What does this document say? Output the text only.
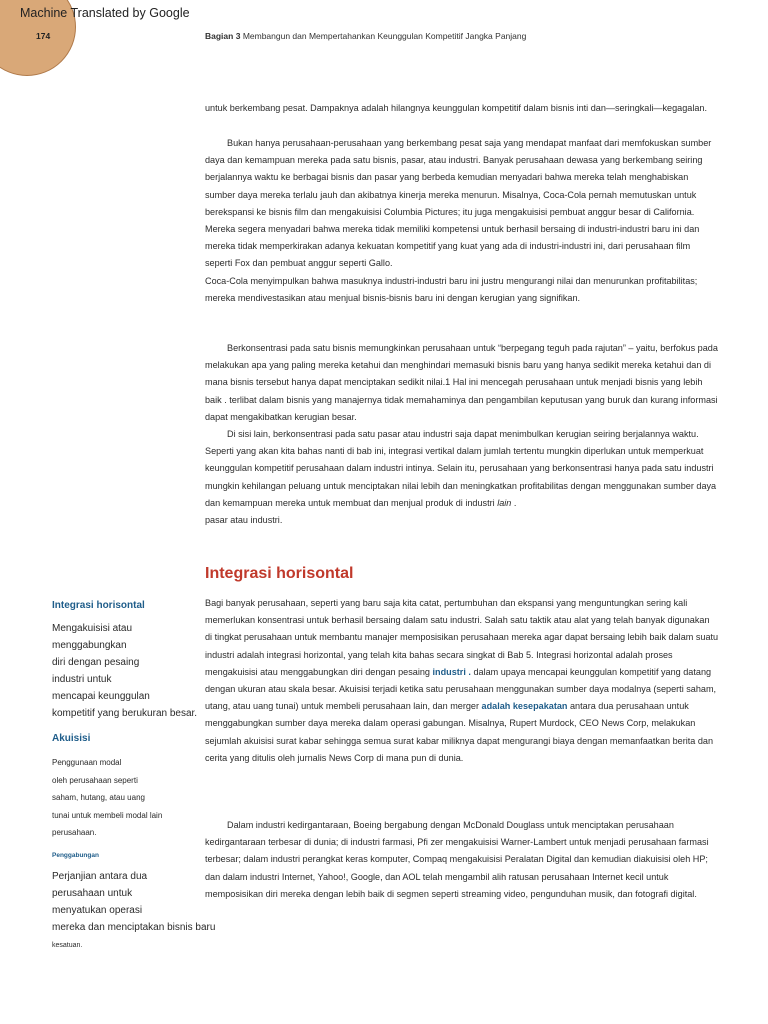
Machine Translated by Google
174	Bagian 3 Membangun dan Mempertahankan Keunggulan Kompetitif Jangka Panjang

untuk berkembang pesat. Dampaknya adalah hilangnya keunggulan kompetitif dalam bisnis inti dan—seringkali—kegagalan.

Bukan hanya perusahaan-perusahaan yang berkembang pesat saja yang mendapat manfaat dari memfokuskan sumber daya dan kemampuan mereka pada satu bisnis, pasar, atau industri. Banyak perusahaan dewasa yang berkembang seiring berjalannya waktu ke berbagai bisnis dan pasar yang berbeda kemudian menyadari bahwa mereka telah menghabiskan sumber daya mereka terlalu jauh dan akibatnya kinerja mereka menurun. Misalnya, Coca-Cola pernah memutuskan untuk berekspansi ke bisnis film dan mengakuisisi Columbia Pictures; itu juga mengakuisisi pembuat anggur besar di California. Mereka segera menyadari bahwa mereka tidak memiliki kompetensi untuk berhasil bersaing di industri-industri baru ini dan mereka tidak memperkirakan adanya kekuatan kompetitif yang kuat yang ada di industri-industri ini, dari perusahaan film seperti Fox dan pembuat anggur seperti Gallo.

Coca-Cola menyimpulkan bahwa masuknya industri-industri baru ini justru mengurangi nilai dan menurunkan profitabilitas; mereka mendivestasikan atau menjual bisnis-bisnis baru ini dengan kerugian yang signifikan.

Berkonsentrasi pada satu bisnis memungkinkan perusahaan untuk “berpegang teguh pada rajutan” – yaitu, berfokus pada melakukan apa yang paling mereka ketahui dan menghindari memasuki bisnis baru yang hanya sedikit mereka ketahui dan di mana bisnis tersebut hanya dapat menciptakan sedikit nilai.1 Hal ini mencegah perusahaan untuk menjadi bisnis yang lebih baik . terlibat dalam bisnis yang manajernya tidak memahaminya dan pengambilan keputusan yang buruk dan kurang informasi dapat mengakibatkan kerugian besar.

Di sisi lain, berkonsentrasi pada satu pasar atau industri saja dapat menimbulkan kerugian seiring berjalannya waktu. Seperti yang akan kita bahas nanti di bab ini, integrasi vertikal dalam jumlah tertentu mungkin diperlukan untuk memperkuat keunggulan kompetitif perusahaan dalam industri intinya. Selain itu, perusahaan yang berkonsentrasi hanya pada satu industri mungkin kehilangan peluang untuk menciptakan nilai lebih dan meningkatkan profitabilitas dengan menggunakan sumber daya dan kemampuan mereka untuk membuat dan menjual produk di industri lain .

pasar atau industri.

Integrasi horisontal

Bagi banyak perusahaan, seperti yang baru saja kita catat, pertumbuhan dan ekspansi yang menguntungkan sering kali memerlukan konsentrasi untuk berhasil bersaing dalam satu industri. Salah satu taktik atau alat yang telah banyak digunakan di tingkat perusahaan untuk membantu manajer memposisikan perusahaan mereka agar dapat bersaing lebih baik dalam suatu industri adalah integrasi horizontal, yang telah kita bahas secara singkat di Bab 5. Integrasi horizontal adalah proses mengakuisisi atau menggabungkan diri dengan pesaing industri . dalam upaya mencapai keunggulan kompetitif yang datang dengan ukuran atau skala besar. Akuisisi terjadi ketika satu perusahaan menggunakan sumber daya modalnya (seperti saham, utang, atau uang tunai) untuk membeli perusahaan lain, dan merger adalah kesepakatan antara dua perusahaan untuk menggabungkan sumber daya mereka dalam operasi gabungan. Misalnya, Rupert Murdock, CEO News Corp, melakukan sejumlah akuisisi surat kabar sehingga semua surat kabar miliknya dapat mengurangi biaya dengan memanfaatkan berita dan cerita yang ditulis oleh jurnalis News Corp di mana pun di dunia.

Dalam industri kedirgantaraan, Boeing bergabung dengan McDonald Douglass untuk menciptakan perusahaan kedirgantaraan terbesar di dunia; di industri farmasi, Pfi zer mengakuisisi Warner-Lambert untuk menjadi perusahaan farmasi terbesar; dalam industri perangkat keras komputer, Compaq mengakuisisi Peralatan Digital dan kemudian diakuisisi oleh HP; dan dalam industri Internet, Yahoo!, Google, dan AOL telah mengambil alih ratusan perusahaan Internet kecil untuk memposisikan diri mereka dengan lebih baik di segmen seperti streaming video, pengunduhan musik, dan fotografi digital.

Integrasi horisontal
Mengakuisisi atau
menggabungkan
diri dengan pesaing
industri untuk
mencapai keunggulan
kompetitif yang berukuran besar.
Akuisisi
Penggunaan modal
oleh perusahaan seperti
saham, hutang, atau uang
tunai untuk membeli modal lain
perusahaan.
Penggabungan
Perjanjian antara dua
perusahaan untuk
menyatukan operasi
mereka dan menciptakan bisnis baru
kesatuan.
